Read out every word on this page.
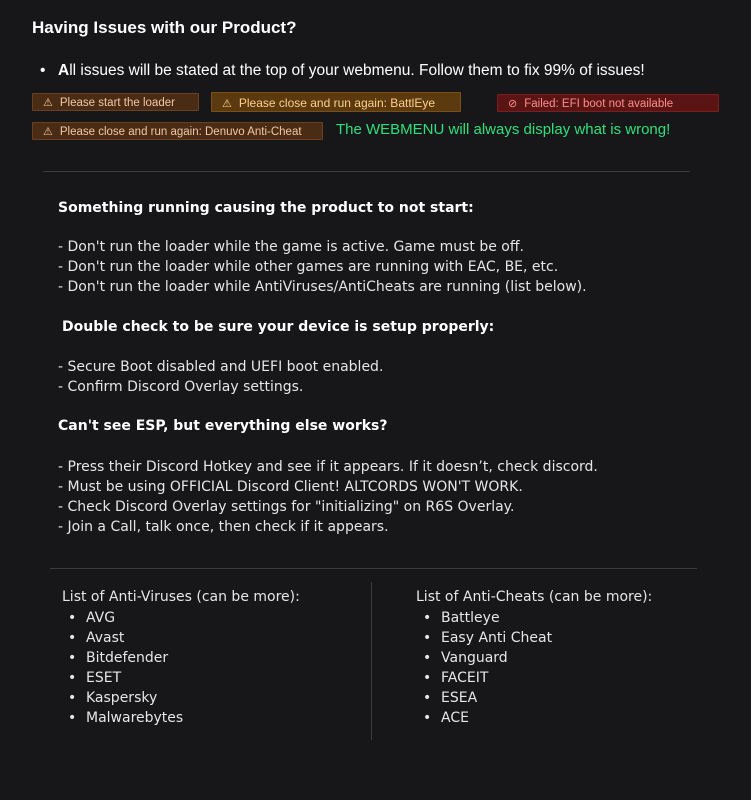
Having Issues with our Product?
• All issues will be stated at the top of your webmenu. Follow them to fix 99% of issues!
⚠ Please start the loader	⚠ Please close and run again: BattlEye	⊘ Failed: EFI boot not available
⚠ Please close and run again: Denuvo Anti-Cheat	The WEBMENU will always display what is wrong!
Something running causing the product to not start:
- Don't run the loader while the game is active. Game must be off.
- Don't run the loader while other games are running with EAC, BE, etc.
- Don't run the loader while AntiViruses/AntiCheats are running (list below).
Double check to be sure your device is setup properly:
- Secure Boot disabled and UEFI boot enabled.
- Confirm Discord Overlay settings.
Can't see ESP, but everything else works?
- Press their Discord Hotkey and see if it appears. If it doesn’t, check discord.
- Must be using OFFICIAL Discord Client! ALTCORDS WON'T WORK.
- Check Discord Overlay settings for "initializing" on R6S Overlay.
- Join a Call, talk once, then check if it appears.
List of Anti-Viruses (can be more):
• AVG
• Avast
• Bitdefender
• ESET
• Kaspersky
• Malwarebytes
List of Anti-Cheats (can be more):
• Battleye
• Easy Anti Cheat
• Vanguard
• FACEIT
• ESEA
• ACE
